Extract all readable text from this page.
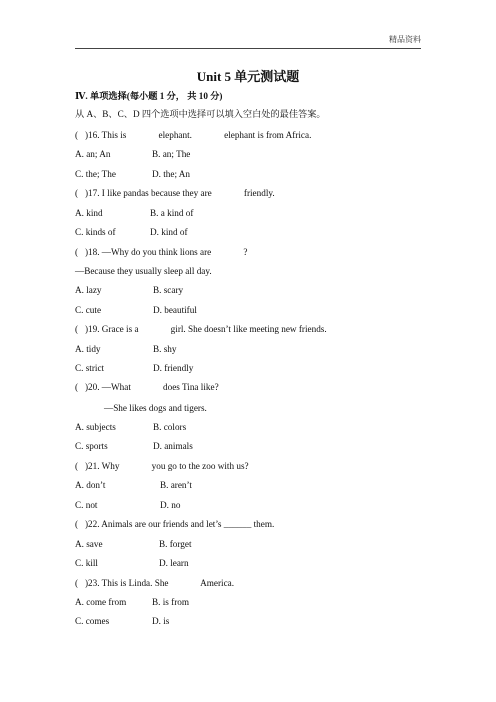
精品资料
Unit 5 单元测试题
Ⅳ. 单项选择(每小题 1 分， 共 10 分)
从 A、B、C、D 四个选项中选择可以填入空白处的最佳答案。
(   )16. This is              elephant.              elephant is from Africa.
A. an; An	B. an; The
C. the; The	D. the; An
(   )17. I like pandas because they are              friendly.
A. kind	B. a kind of
C. kinds of	D. kind of
(   )18. —Why do you think lions are              ?
—Because they usually sleep all day.
A. lazy	B. scary
C. cute	D. beautiful
(   )19. Grace is a              girl. She doesn’t like meeting new friends.
A. tidy	B. shy
C. strict	D. friendly
(   )20. —What              does Tina like?
—She likes dogs and tigers.
A. subjects	B. colors
C. sports	D. animals
(   )21. Why              you go to the zoo with us?
A. don’t	B. aren’t
C. not	D. no
(   )22. Animals are our friends and let’s ______ them.
A. save	B. forget
C. kill	D. learn
(   )23. This is Linda. She              America.
A. come from	B. is from
C. comes	D. is
